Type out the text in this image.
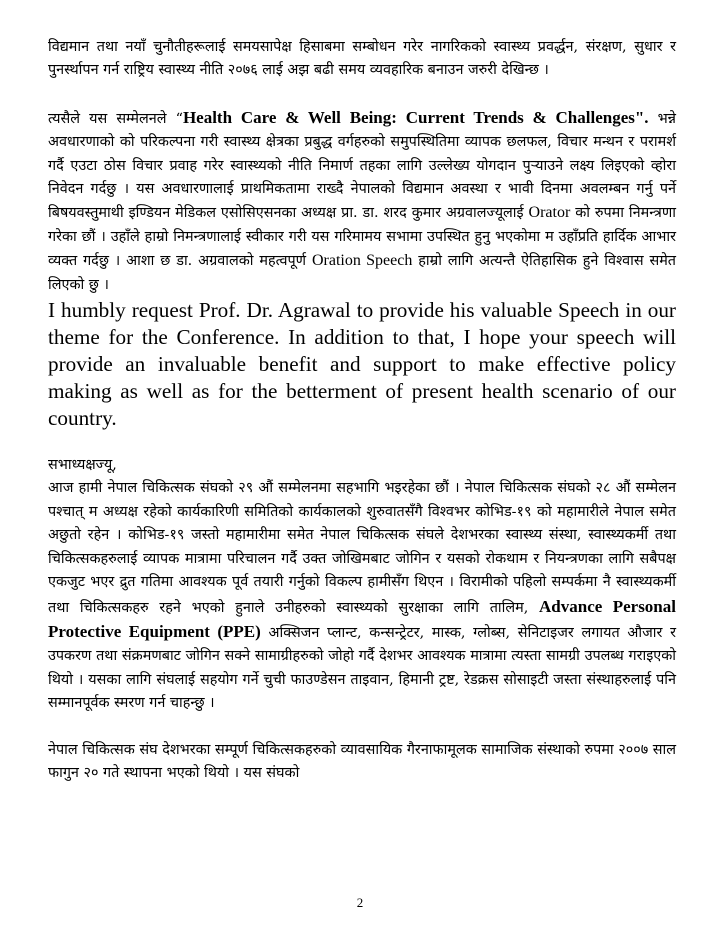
विद्यमान तथा नयाँ चुनौतीहरूलाई समयसापेक्ष हिसाबमा सम्बोधन गरेर नागरिकको स्वास्थ्य प्रवर्द्धन, संरक्षण, सुधार र पुनर्स्थापन गर्न राष्ट्रिय स्वास्थ्य नीति २०७६ लाई अझ बढी समय व्यवहारिक बनाउन जरुरी देखिन्छ ।

त्यसैले यस सम्मेलनले “Health Care & Well Being: Current Trends & Challenges". भन्ने अवधारणाको को परिकल्पना गरी स्वास्थ्य क्षेत्रका प्रबुद्ध वर्गहरुको समुपस्थितिमा व्यापक छलफल, विचार मन्थन र परामर्श गर्दै एउटा ठोस विचार प्रवाह गरेर स्वास्थ्यको नीति निमार्ण तहका लागि उल्लेख्य योगदान पुऱ्याउने लक्ष्य लिइएको व्होरा निवेदन गर्दछु । यस अवधारणालाई प्राथमिकतामा राख्दै नेपालको विद्यमान अवस्था र भावी दिनमा अवलम्बन गर्नु पर्ने बिषयवस्तुमाथी इण्डियन मेडिकल एसोसिएसनका अध्यक्ष प्रा. डा. शरद कुमार अग्रवालज्यूलाई Orator को रुपमा निमन्त्रणा गरेका छौं । उहाँले हाम्रो निमन्त्रणालाई स्वीकार गरी यस गरिमामय सभामा उपस्थित हुनु भएकोमा म उहाँप्रति हार्दिक आभार व्यक्त गर्दछु । आशा छ डा. अग्रवालको महत्वपूर्ण Oration Speech हाम्रो लागि अत्यन्तै ऐतिहासिक हुने विश्वास समेत लिएको छु ।

I humbly request Prof. Dr. Agrawal to provide his valuable Speech in our theme for the Conference. In addition to that, I hope your speech will provide an invaluable benefit and support to make effective policy making as well as for the betterment of present health scenario of our country.

सभाध्यक्षज्यू,

आज हामी नेपाल चिकित्सक संघको २९ औं सम्मेलनमा सहभागि भइरहेका छौं । नेपाल चिकित्सक संघको २८ औं सम्मेलन पश्चात् म अध्यक्ष रहेको कार्यकारिणी समितिको कार्यकालको शुरुवातसँगै विश्वभर कोभिड-१९ को महामारीले नेपाल समेत अछुतो रहेन । कोभिड-१९ जस्तो महामारीमा समेत नेपाल चिकित्सक संघले देशभरका स्वास्थ्य संस्था, स्वास्थ्यकर्मी तथा चिकित्सकहरुलाई व्यापक मात्रामा परिचालन गर्दै उक्त जोखिमबाट जोगिन र यसको रोकथाम र नियन्त्रणका लागि सबैपक्ष एकजुट भएर द्रुत गतिमा आवश्यक पूर्व तयारी गर्नुको विकल्प हामीसँग थिएन । विरामीको पहिलो सम्पर्कमा नै स्वास्थ्यकर्मी तथा चिकित्सकहरु रहने भएको हुनाले उनीहरुको स्वास्थ्यको सुरक्षाका लागि तालिम, Advance Personal Protective Equipment (PPE) अक्सिजन प्लान्ट, कन्सन्ट्रेटर, मास्क, ग्लोब्स, सेनिटाइजर लगायत औजार र उपकरण तथा संक्रमणबाट जोगिन सक्ने सामाग्रीहरुको जोहो गर्दै देशभर आवश्यक मात्रामा त्यस्ता सामग्री उपलब्ध गराइएको थियो । यसका लागि संघलाई सहयोग गर्ने चुची फाउण्डेसन ताइवान, हिमानी ट्रष्ट, रेडक्रस सोसाइटी जस्ता संस्थाहरुलाई पनि सम्मानपूर्वक स्मरण गर्न चाहन्छु ।

नेपाल चिकित्सक संघ देशभरका सम्पूर्ण चिकित्सकहरुको व्यावसायिक गैरनाफामूलक सामाजिक संस्थाको रुपमा २००७ साल फागुन २० गते स्थापना भएको थियो । यस संघको

2
